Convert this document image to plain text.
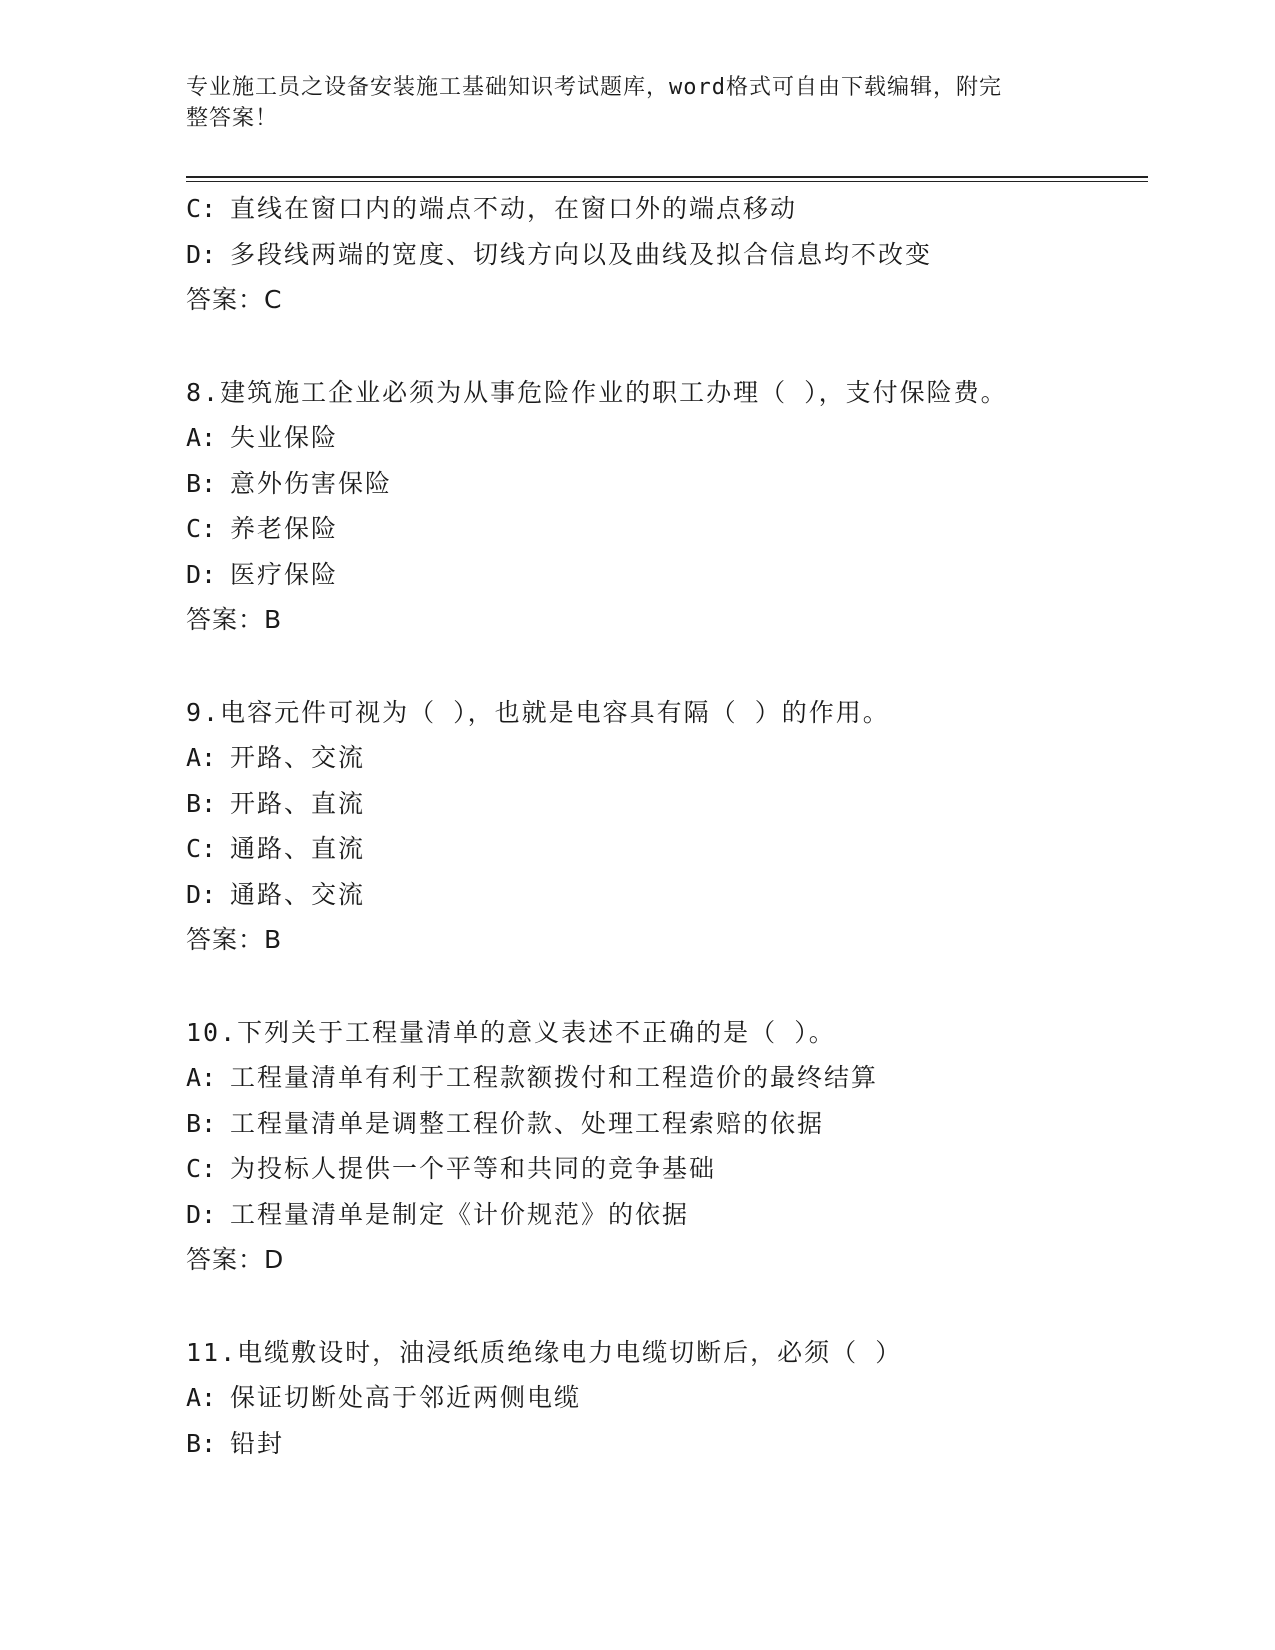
专业施工员之设备安装施工基础知识考试题库，word格式可自由下载编辑，附完
整答案！
C: 直线在窗口内的端点不动，在窗口外的端点移动
D: 多段线两端的宽度、切线方向以及曲线及拟合信息均不改变
答案：C
8.建筑施工企业必须为从事危险作业的职工办理（ ），支付保险费。
A: 失业保险
B: 意外伤害保险
C: 养老保险
D: 医疗保险
答案：B
9.电容元件可视为（ ），也就是电容具有隔（ ）的作用。
A: 开路、交流
B: 开路、直流
C: 通路、直流
D: 通路、交流
答案：B
10.下列关于工程量清单的意义表述不正确的是（ ）。
A: 工程量清单有利于工程款额拨付和工程造价的最终结算
B: 工程量清单是调整工程价款、处理工程索赔的依据
C: 为投标人提供一个平等和共同的竞争基础
D: 工程量清单是制定《计价规范》的依据
答案：D
11.电缆敷设时，油浸纸质绝缘电力电缆切断后，必须（ ）
A: 保证切断处高于邻近两侧电缆
B: 铅封
